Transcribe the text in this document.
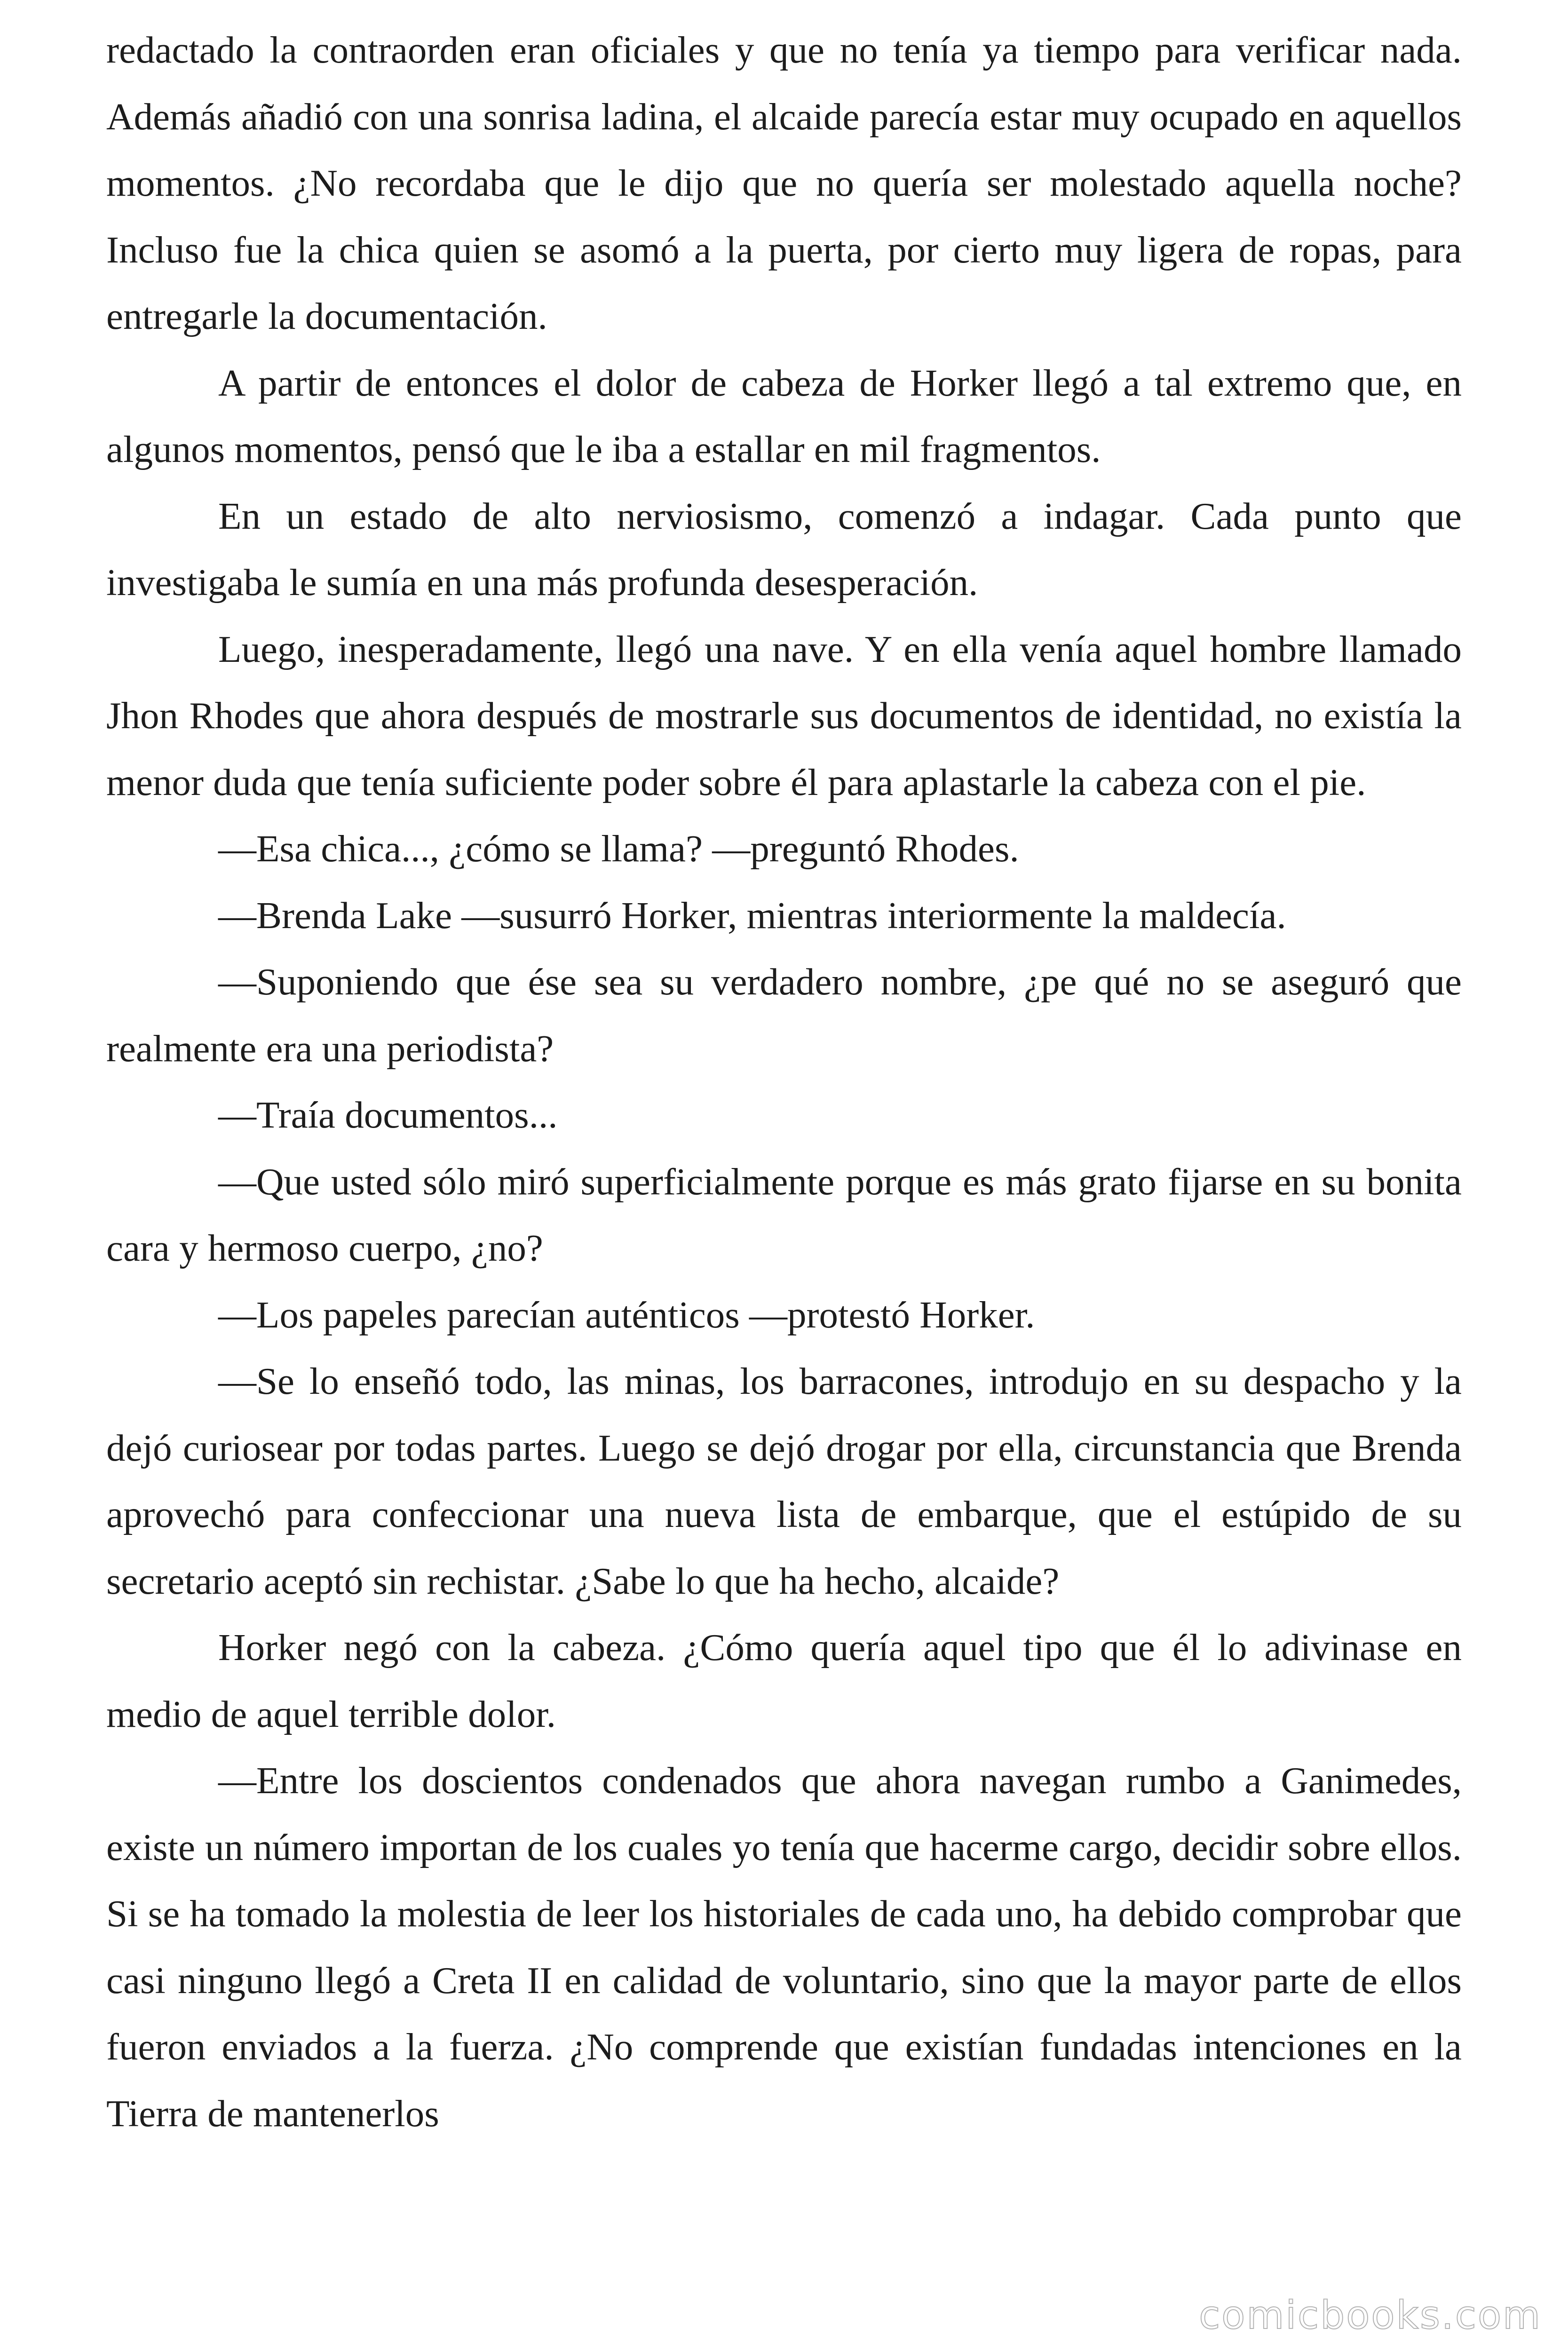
redactado la contraorden eran oficiales y que no tenía ya tiempo para verificar nada. Además añadió con una sonrisa ladina, el alcaide parecía estar muy ocupado en aquellos momentos. ¿No recordaba que le dijo que no quería ser molestado aquella noche? Incluso fue la chica quien se asomó a la puerta, por cierto muy ligera de ropas, para entregarle la documentación.

A partir de entonces el dolor de cabeza de Horker llegó a tal extremo que, en algunos momentos, pensó que le iba a estallar en mil fragmentos.

En un estado de alto nerviosismo, comenzó a indagar. Cada punto que investigaba le sumía en una más profunda desesperación.

Luego, inesperadamente, llegó una nave. Y en ella venía aquel hombre llamado Jhon Rhodes que ahora después de mostrarle sus documentos de identidad, no existía la menor duda que tenía suficiente poder sobre él para aplastarle la cabeza con el pie.

—Esa chica..., ¿cómo se llama? —preguntó Rhodes.

—Brenda Lake —susurró Horker, mientras interiormente la maldecía.

—Suponiendo que ése sea su verdadero nombre, ¿pe qué no se aseguró que realmente era una periodista?

—Traía documentos...

—Que usted sólo miró superficialmente porque es más grato fijarse en su bonita cara y hermoso cuerpo, ¿no?

—Los papeles parecían auténticos —protestó Horker.

—Se lo enseñó todo, las minas, los barracones, introdujo en su despacho y la dejó curiosear por todas partes. Luego se dejó drogar por ella, circunstancia que Brenda aprovechó para confeccionar una nueva lista de embarque, que el estúpido de su secretario aceptó sin rechistar. ¿Sabe lo que ha hecho, alcaide?

Horker negó con la cabeza. ¿Cómo quería aquel tipo que él lo adivinase en medio de aquel terrible dolor.

—Entre los doscientos condenados que ahora navegan rumbo a Ganimedes, existe un número importan de los cuales yo tenía que hacerme cargo, decidir sobre ellos. Si se ha tomado la molestia de leer los historiales de cada uno, ha debido comprobar que casi ninguno llegó a Creta II en calidad de voluntario, sino que la mayor parte de ellos fueron enviados a la fuerza. ¿No comprende que existían fundadas intenciones en la Tierra de mantenerlos

comicbooks.com
